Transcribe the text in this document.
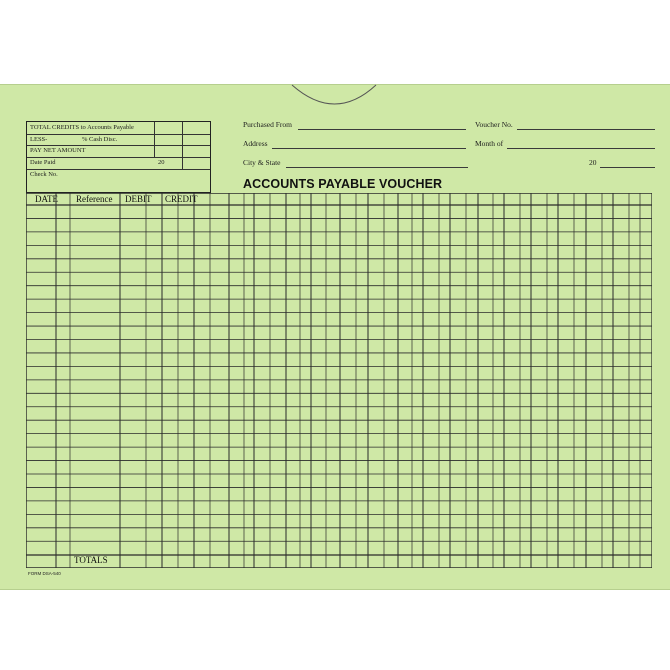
TOTAL CREDITS to Accounts Payable
LESS-	% Cash Disc.
PAY NET AMOUNT
Date Paid	20
Check No.
Purchased From
Address
City & State
Voucher No.
Month of
20
ACCOUNTS PAYABLE VOUCHER
DATE Reference DEBIT CREDIT
TOTALS
FORM DSA-540
